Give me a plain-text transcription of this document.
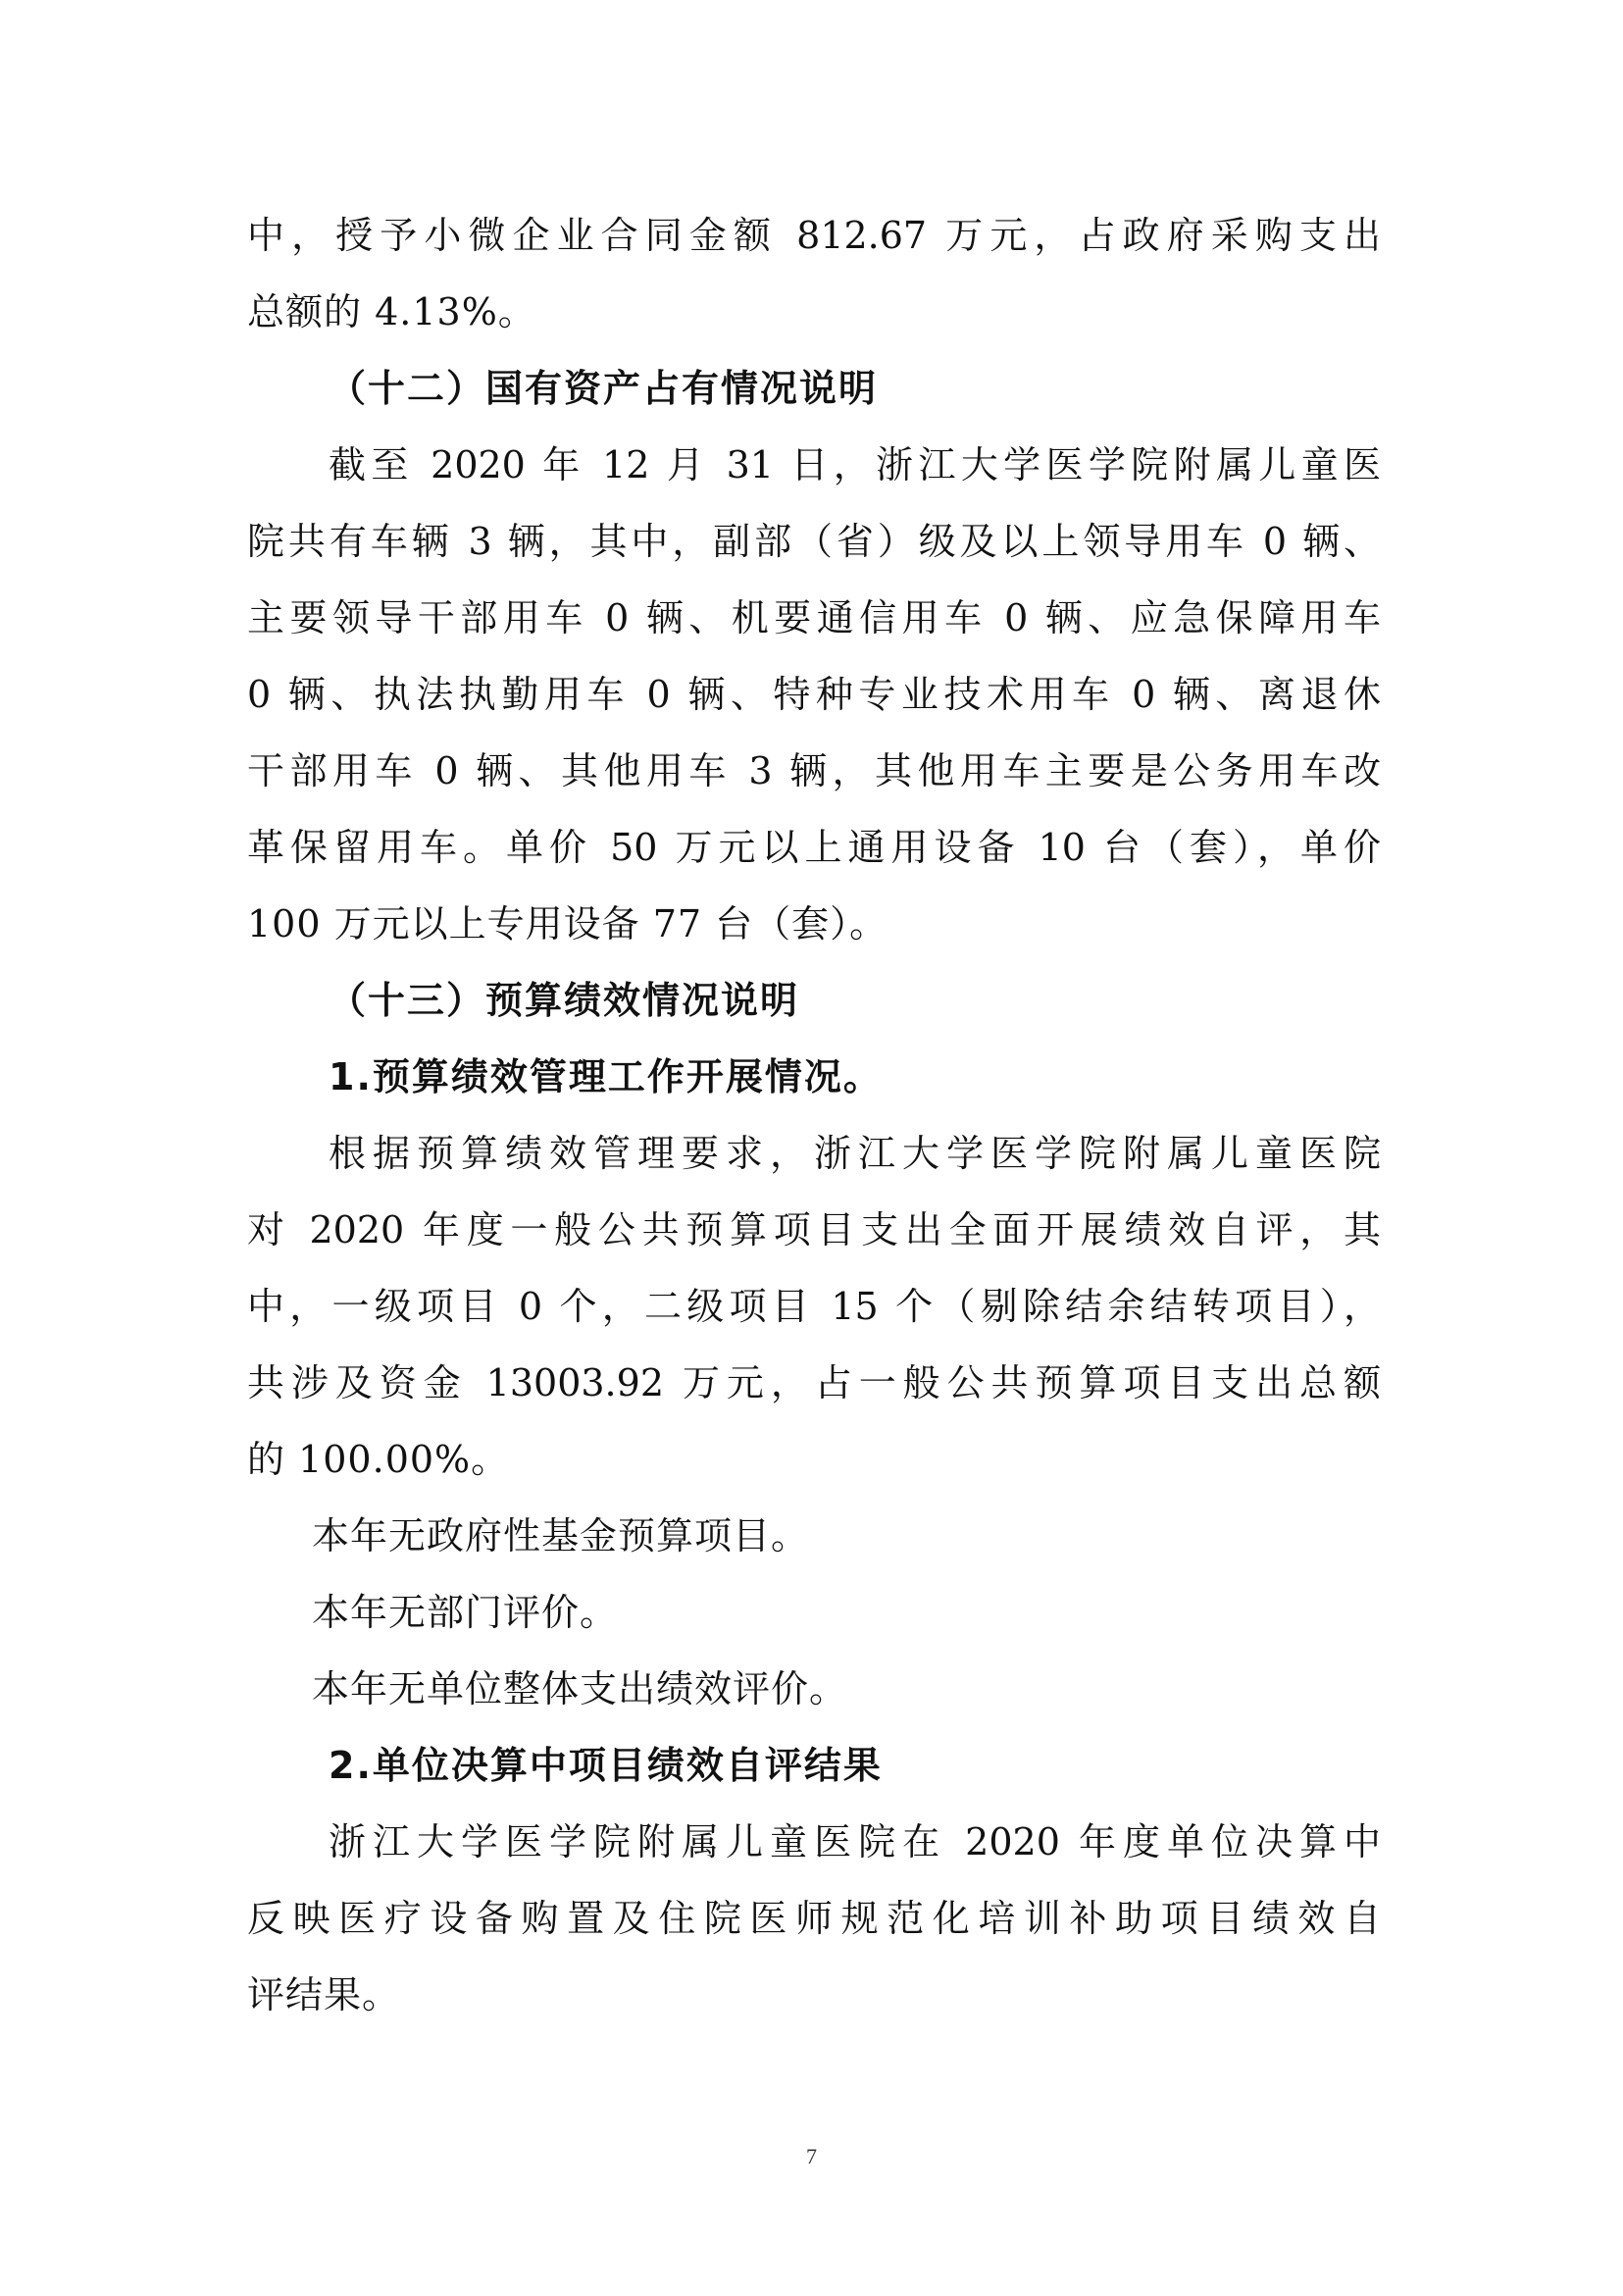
中，授予小微企业合同金额 812.67 万元，占政府采购支出
总额的 4.13%。
（十二）国有资产占有情况说明
截至 2020 年 12 月 31 日，浙江大学医学院附属儿童医
院共有车辆 3 辆，其中，副部（省）级及以上领导用车 0 辆、
主要领导干部用车 0 辆、机要通信用车 0 辆、应急保障用车
0 辆、执法执勤用车 0 辆、特种专业技术用车 0 辆、离退休
干部用车 0 辆、其他用车 3 辆，其他用车主要是公务用车改
革保留用车。单价 50 万元以上通用设备 10 台（套），单价
100 万元以上专用设备 77 台（套）。
（十三）预算绩效情况说明
1.预算绩效管理工作开展情况。
根据预算绩效管理要求，浙江大学医学院附属儿童医院
对 2020 年度一般公共预算项目支出全面开展绩效自评，其
中，一级项目 0 个，二级项目 15 个（剔除结余结转项目），
共涉及资金 13003.92 万元，占一般公共预算项目支出总额
的 100.00%。
本年无政府性基金预算项目。
本年无部门评价。
本年无单位整体支出绩效评价。
2.单位决算中项目绩效自评结果
浙江大学医学院附属儿童医院在 2020 年度单位决算中
反映医疗设备购置及住院医师规范化培训补助项目绩效自
评结果。
7
